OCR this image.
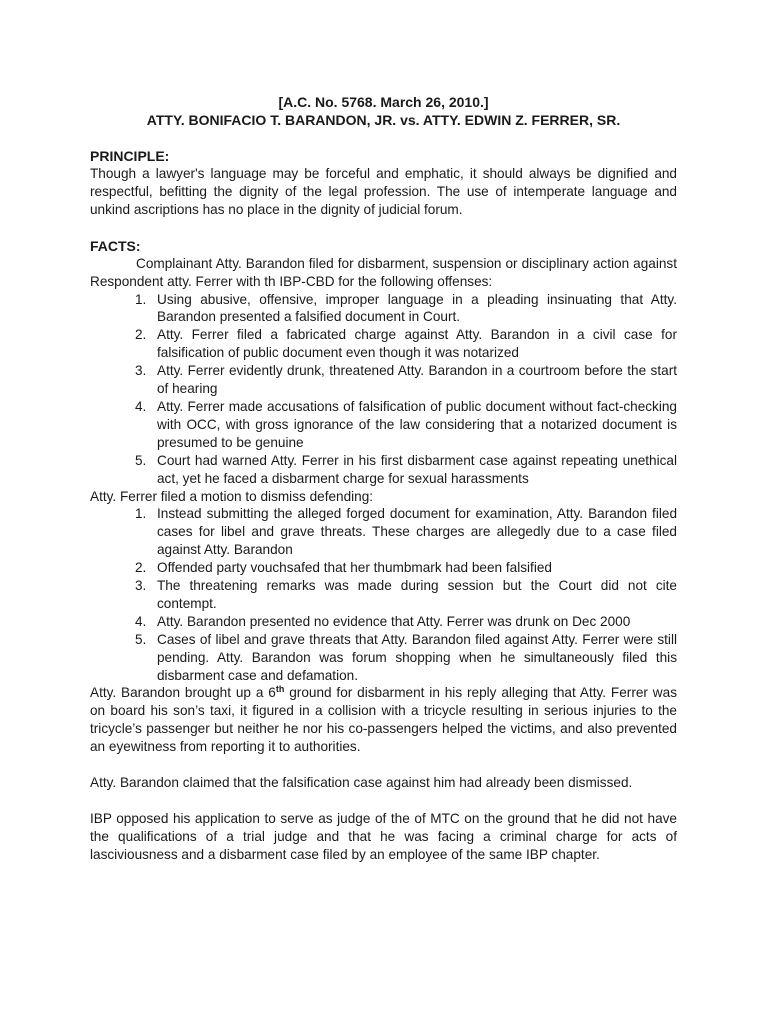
[A.C. No. 5768. March 26, 2010.]
ATTY. BONIFACIO T. BARANDON, JR. vs. ATTY. EDWIN Z. FERRER, SR.
PRINCIPLE:
Though a lawyer's language may be forceful and emphatic, it should always be dignified and respectful, befitting the dignity of the legal profession. The use of intemperate language and unkind ascriptions has no place in the dignity of judicial forum.
FACTS:
Complainant Atty. Barandon filed for disbarment, suspension or disciplinary action against Respondent atty. Ferrer with th IBP-CBD for the following offenses:
1. Using abusive, offensive, improper language in a pleading insinuating that Atty. Barandon presented a falsified document in Court.
2. Atty. Ferrer filed a fabricated charge against Atty. Barandon in a civil case for falsification of public document even though it was notarized
3. Atty. Ferrer evidently drunk, threatened Atty. Barandon in a courtroom before the start of hearing
4. Atty. Ferrer made accusations of falsification of public document without fact-checking with OCC, with gross ignorance of the law considering that a notarized document is presumed to be genuine
5. Court had warned Atty. Ferrer in his first disbarment case against repeating unethical act, yet he faced a disbarment charge for sexual harassments
Atty. Ferrer filed a motion to dismiss defending:
1. Instead submitting the alleged forged document for examination, Atty. Barandon filed cases for libel and grave threats. These charges are allegedly due to a case filed against Atty. Barandon
2. Offended party vouchsafed that her thumbmark had been falsified
3. The threatening remarks was made during session but the Court did not cite contempt.
4. Atty. Barandon presented no evidence that Atty. Ferrer was drunk on Dec 2000
5. Cases of libel and grave threats that Atty. Barandon filed against Atty. Ferrer were still pending. Atty. Barandon was forum shopping when he simultaneously filed this disbarment case and defamation.
Atty. Barandon brought up a 6th ground for disbarment in his reply alleging that Atty. Ferrer was on board his son’s taxi, it figured in a collision with a tricycle resulting in serious injuries to the tricycle’s passenger but neither he nor his co-passengers helped the victims, and also prevented an eyewitness from reporting it to authorities.
Atty. Barandon claimed that the falsification case against him had already been dismissed.
IBP opposed his application to serve as judge of the of MTC on the ground that he did not have the qualifications of a trial judge and that he was facing a criminal charge for acts of lasciviousness and a disbarment case filed by an employee of the same IBP chapter.
